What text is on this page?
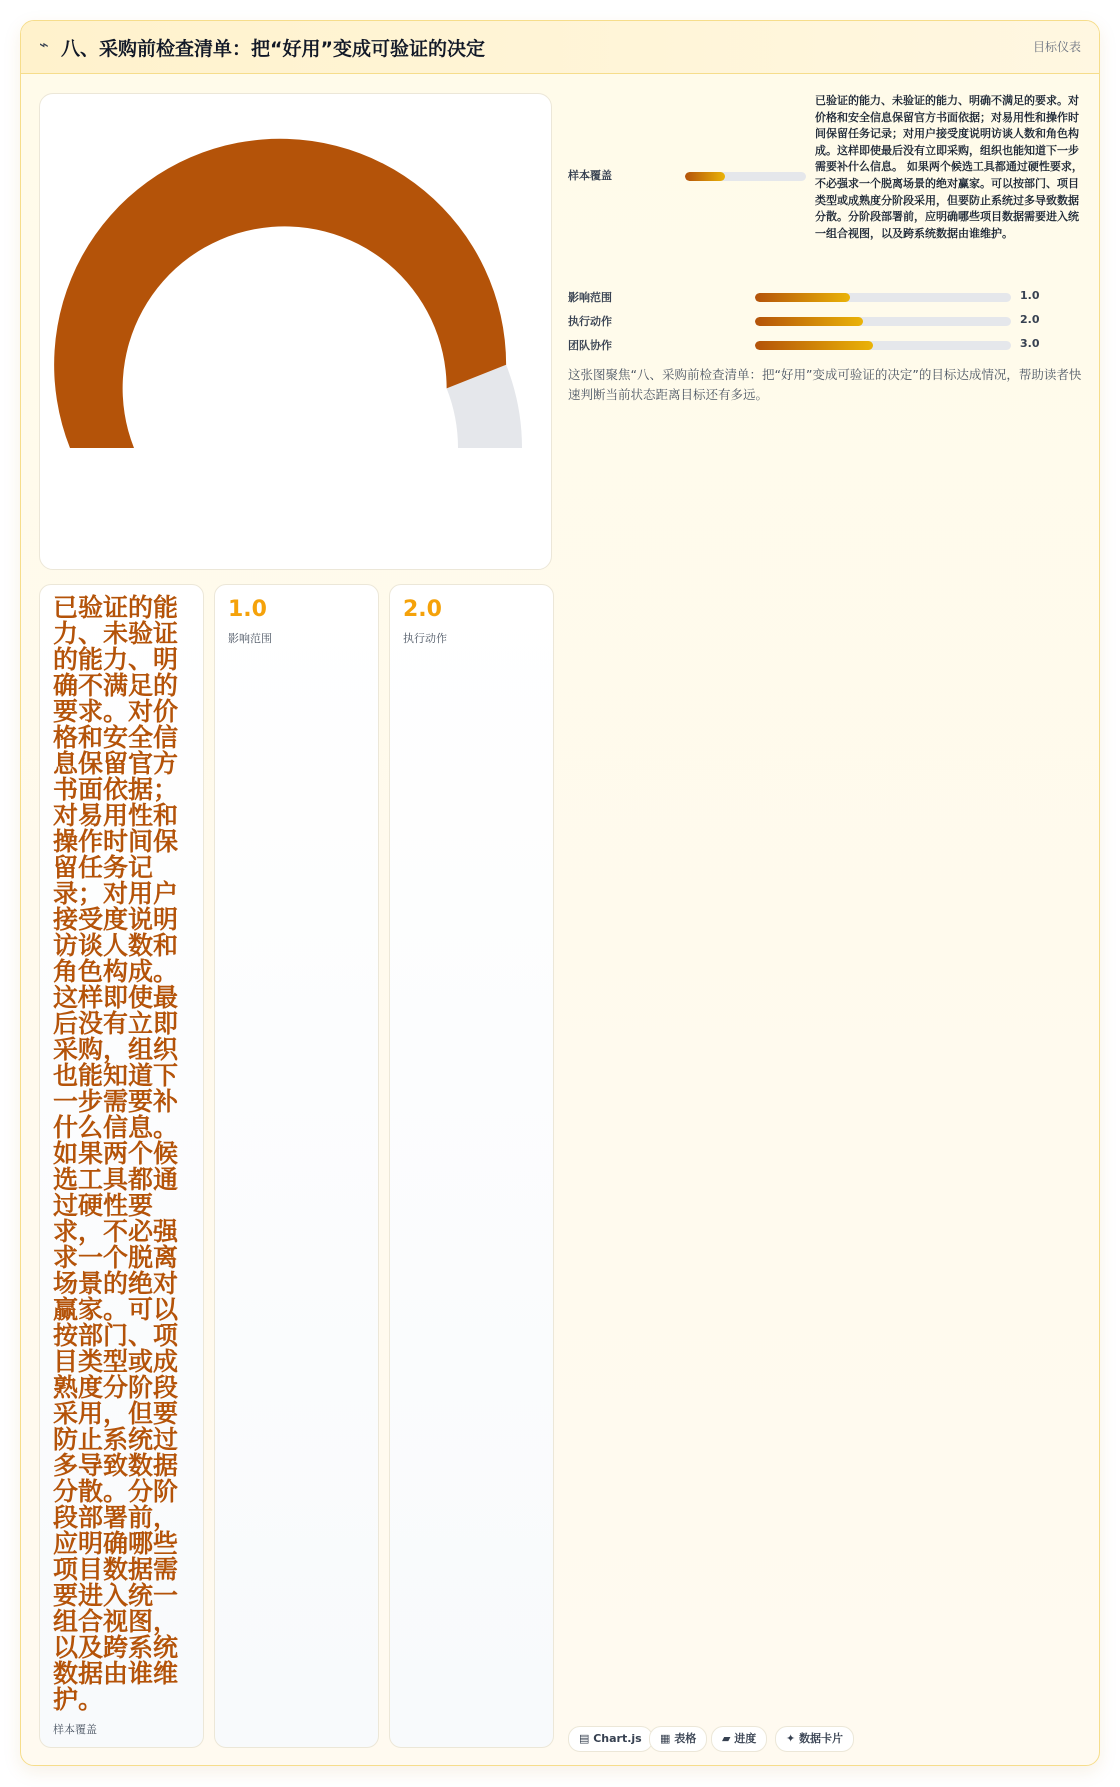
⌁ 八、采购前检查清单：把“好用”变成可验证的决定	目标仪表
样本覆盖
已验证的能力、未验证的能力、明确不满足的要求。对价格和安全信息保留官方书面依据；对易用性和操作时间保留任务记录；对用户接受度说明访谈人数和角色构成。这样即使最后没有立即采购，组织也能知道下一步需要补什么信息。 如果两个候选工具都通过硬性要求，不必强求一个脱离场景的绝对赢家。可以按部门、项目类型或成熟度分阶段采用，但要防止系统过多导致数据分散。分阶段部署前，应明确哪些项目数据需要进入统一组合视图，以及跨系统数据由谁维护。
影响范围	1.0
执行动作	2.0
团队协作	3.0
这张图聚焦“八、采购前检查清单：把“好用”变成可验证的决定”的目标达成情况，帮助读者快速判断当前状态距离目标还有多远。
已验证的能力、未验证的能力、明确不满足的要求。对价格和安全信息保留官方书面依据；对易用性和操作时间保留任务记录；对用户接受度说明访谈人数和角色构成。这样即使最后没有立即采购，组织也能知道下一步需要补什么信息。 如果两个候选工具都通过硬性要求，不必强求一个脱离场景的绝对赢家。可以按部门、项目类型或成熟度分阶段采用，但要防止系统过多导致数据分散。分阶段部署前，应明确哪些项目数据需要进入统一组合视图，以及跨系统数据由谁维护。
样本覆盖
1.0
影响范围
2.0
执行动作
▤ Chart.js	▦ 表格	▰ 进度	✦ 数据卡片
